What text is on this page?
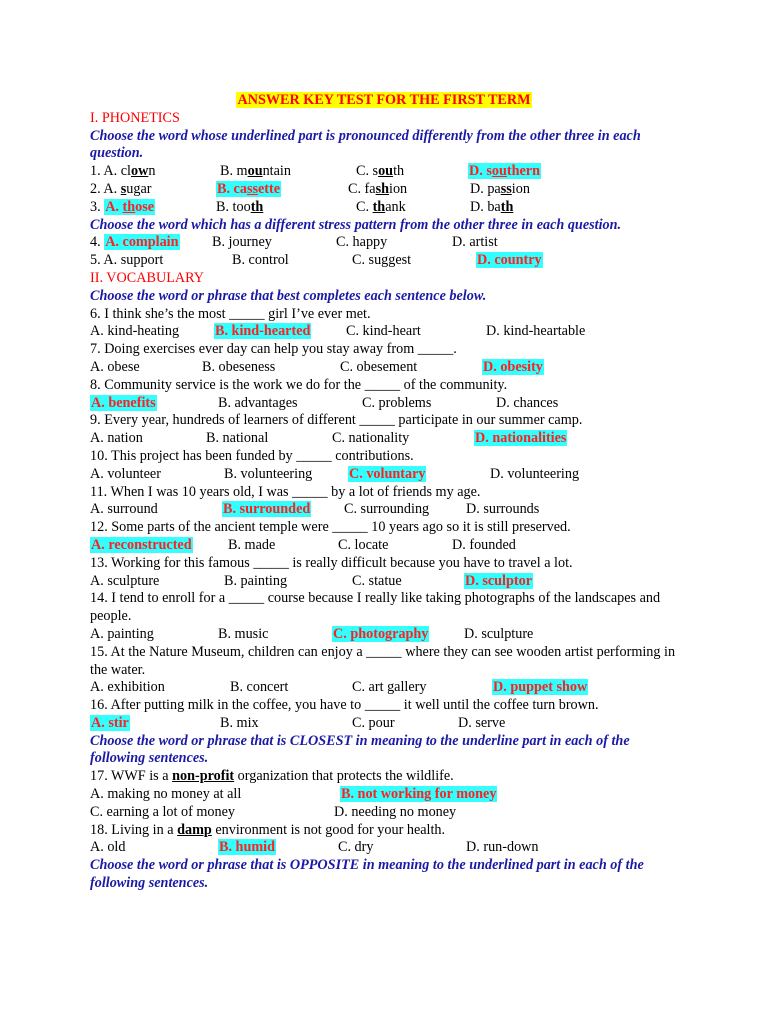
ANSWER KEY TEST FOR THE FIRST TERM

I. PHONETICS

Choose the word whose underlined part is pronounced differently from the other three in each question.

1. A. clown	B. mountain	C. south	D. southern
2. A. sugar	B. cassette	C. fashion	D. passion
3. A. those	B. tooth	C. thank	D. bath

Choose the word which has a different stress pattern from the other three in each question.

4. A. complain B. journey	C. happy	D. artist
5. A. support	B. control	C. suggest	D. country

II. VOCABULARY

Choose the word or phrase that best completes each sentence below.

6. I think she’s the most _____ girl I’ve ever met.

A. kind-heating	B. kind-hearted	C. kind-heart	D. kind-heartable

7. Doing exercises ever day can help you stay away from _____.

A. obese	B. obeseness	C. obesement	D. obesity

8. Community service is the work we do for the _____ of the community.

A. benefits	B. advantages	C. problems	D. chances

9. Every year, hundreds of learners of different _____ participate in our summer camp.

A. nation	B. national	C. nationality	D. nationalities

10. This project has been funded by _____ contributions.

A. volunteer	B. volunteering	C. voluntary	D. volunteering

11. When I was 10 years old, I was _____ by a lot of friends my age.

A. surround	B. surrounded C. surrounding	D. surrounds

12. Some parts of the ancient temple were _____ 10 years ago so it is still preserved.

A. reconstructed	B. made	C. locate	D. founded

13. Working for this famous _____ is really difficult because you have to travel a lot.

A. sculpture	B. painting	C. statue	D. sculptor

14. I tend to enroll for a _____ course because I really like taking photographs of the landscapes and people.

A. painting	B. music	C. photography	D. sculpture

15. At the Nature Museum, children can enjoy a _____ where they can see wooden artist performing in the water.

A. exhibition	B. concert	C. art gallery	D. puppet show

16. After putting milk in the coffee, you have to _____ it well until the coffee turn brown.

A. stir	B. mix	C. pour	D. serve

Choose the word or phrase that is CLOSEST in meaning to the underline part in each of the following sentences.

17. WWF is a non-profit organization that protects the wildlife.

A. making no money at all	B. not working for money
C. earning a lot of money	D. needing no money

18. Living in a damp environment is not good for your health.

A. old	B. humid	C. dry	D. run-down

Choose the word or phrase that is OPPOSITE in meaning to the underlined part in each of the following sentences.
